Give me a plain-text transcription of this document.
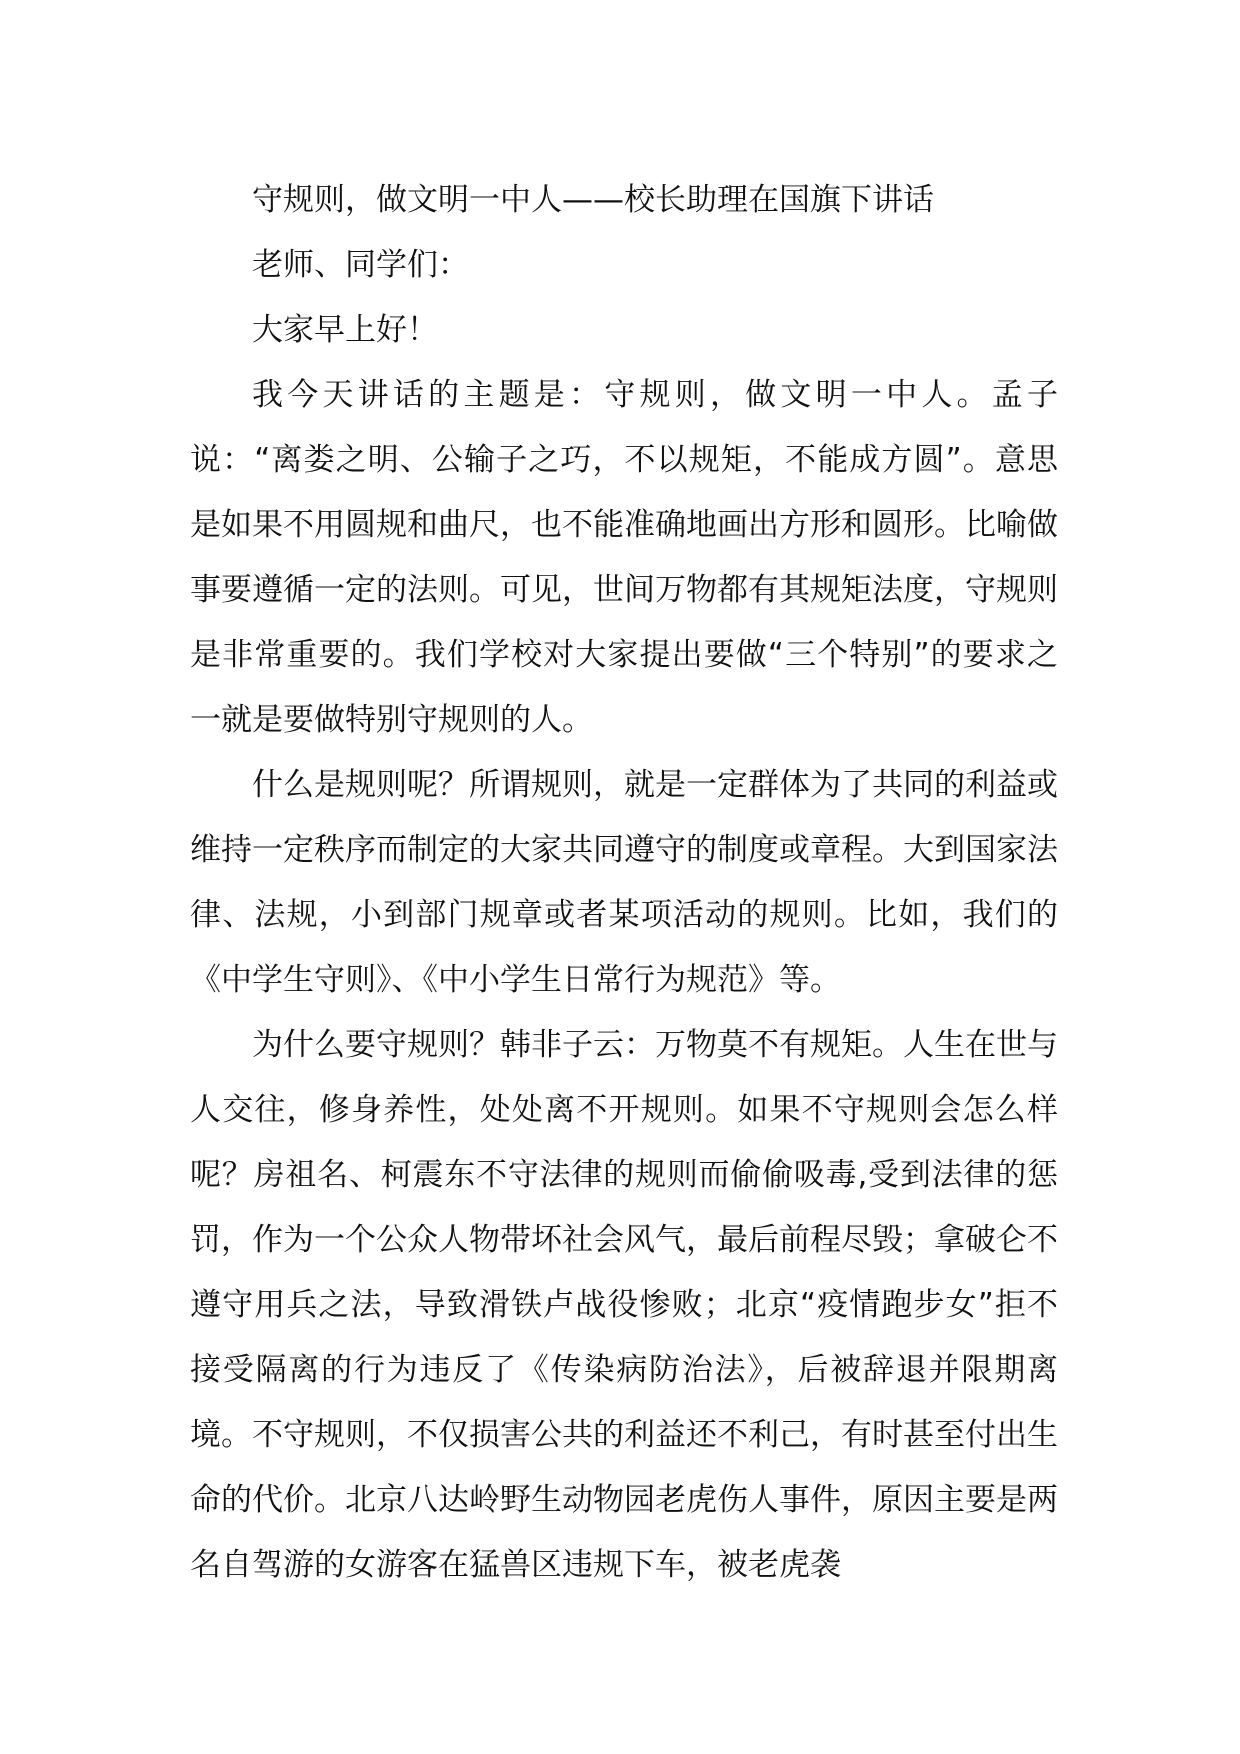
守规则，做文明一中人——校长助理在国旗下讲话

老师、同学们：

大家早上好！

我今天讲话的主题是：守规则，做文明一中人。孟子说：“离娄之明、公输子之巧，不以规矩，不能成方圆”。意思是如果不用圆规和曲尺，也不能准确地画出方形和圆形。比喻做事要遵循一定的法则。可见，世间万物都有其规矩法度，守规则是非常重要的。我们学校对大家提出要做“三个特别”的要求之一就是要做特别守规则的人。

什么是规则呢？所谓规则，就是一定群体为了共同的利益或维持一定秩序而制定的大家共同遵守的制度或章程。大到国家法律、法规，小到部门规章或者某项活动的规则。比如，我们的《中学生守则》、《中小学生日常行为规范》等。

为什么要守规则？韩非子云：万物莫不有规矩。人生在世与人交往，修身养性，处处离不开规则。如果不守规则会怎么样呢？房祖名、柯震东不守法律的规则而偷偷吸毒,受到法律的惩罚，作为一个公众人物带坏社会风气，最后前程尽毁；拿破仑不遵守用兵之法，导致滑铁卢战役惨败；北京“疫情跑步女”拒不接受隔离的行为违反了《传染病防治法》，后被辞退并限期离境。不守规则，不仅损害公共的利益还不利己，有时甚至付出生命的代价。北京八达岭野生动物园老虎伤人事件，原因主要是两名自驾游的女游客在猛兽区违规下车，被老虎袭
